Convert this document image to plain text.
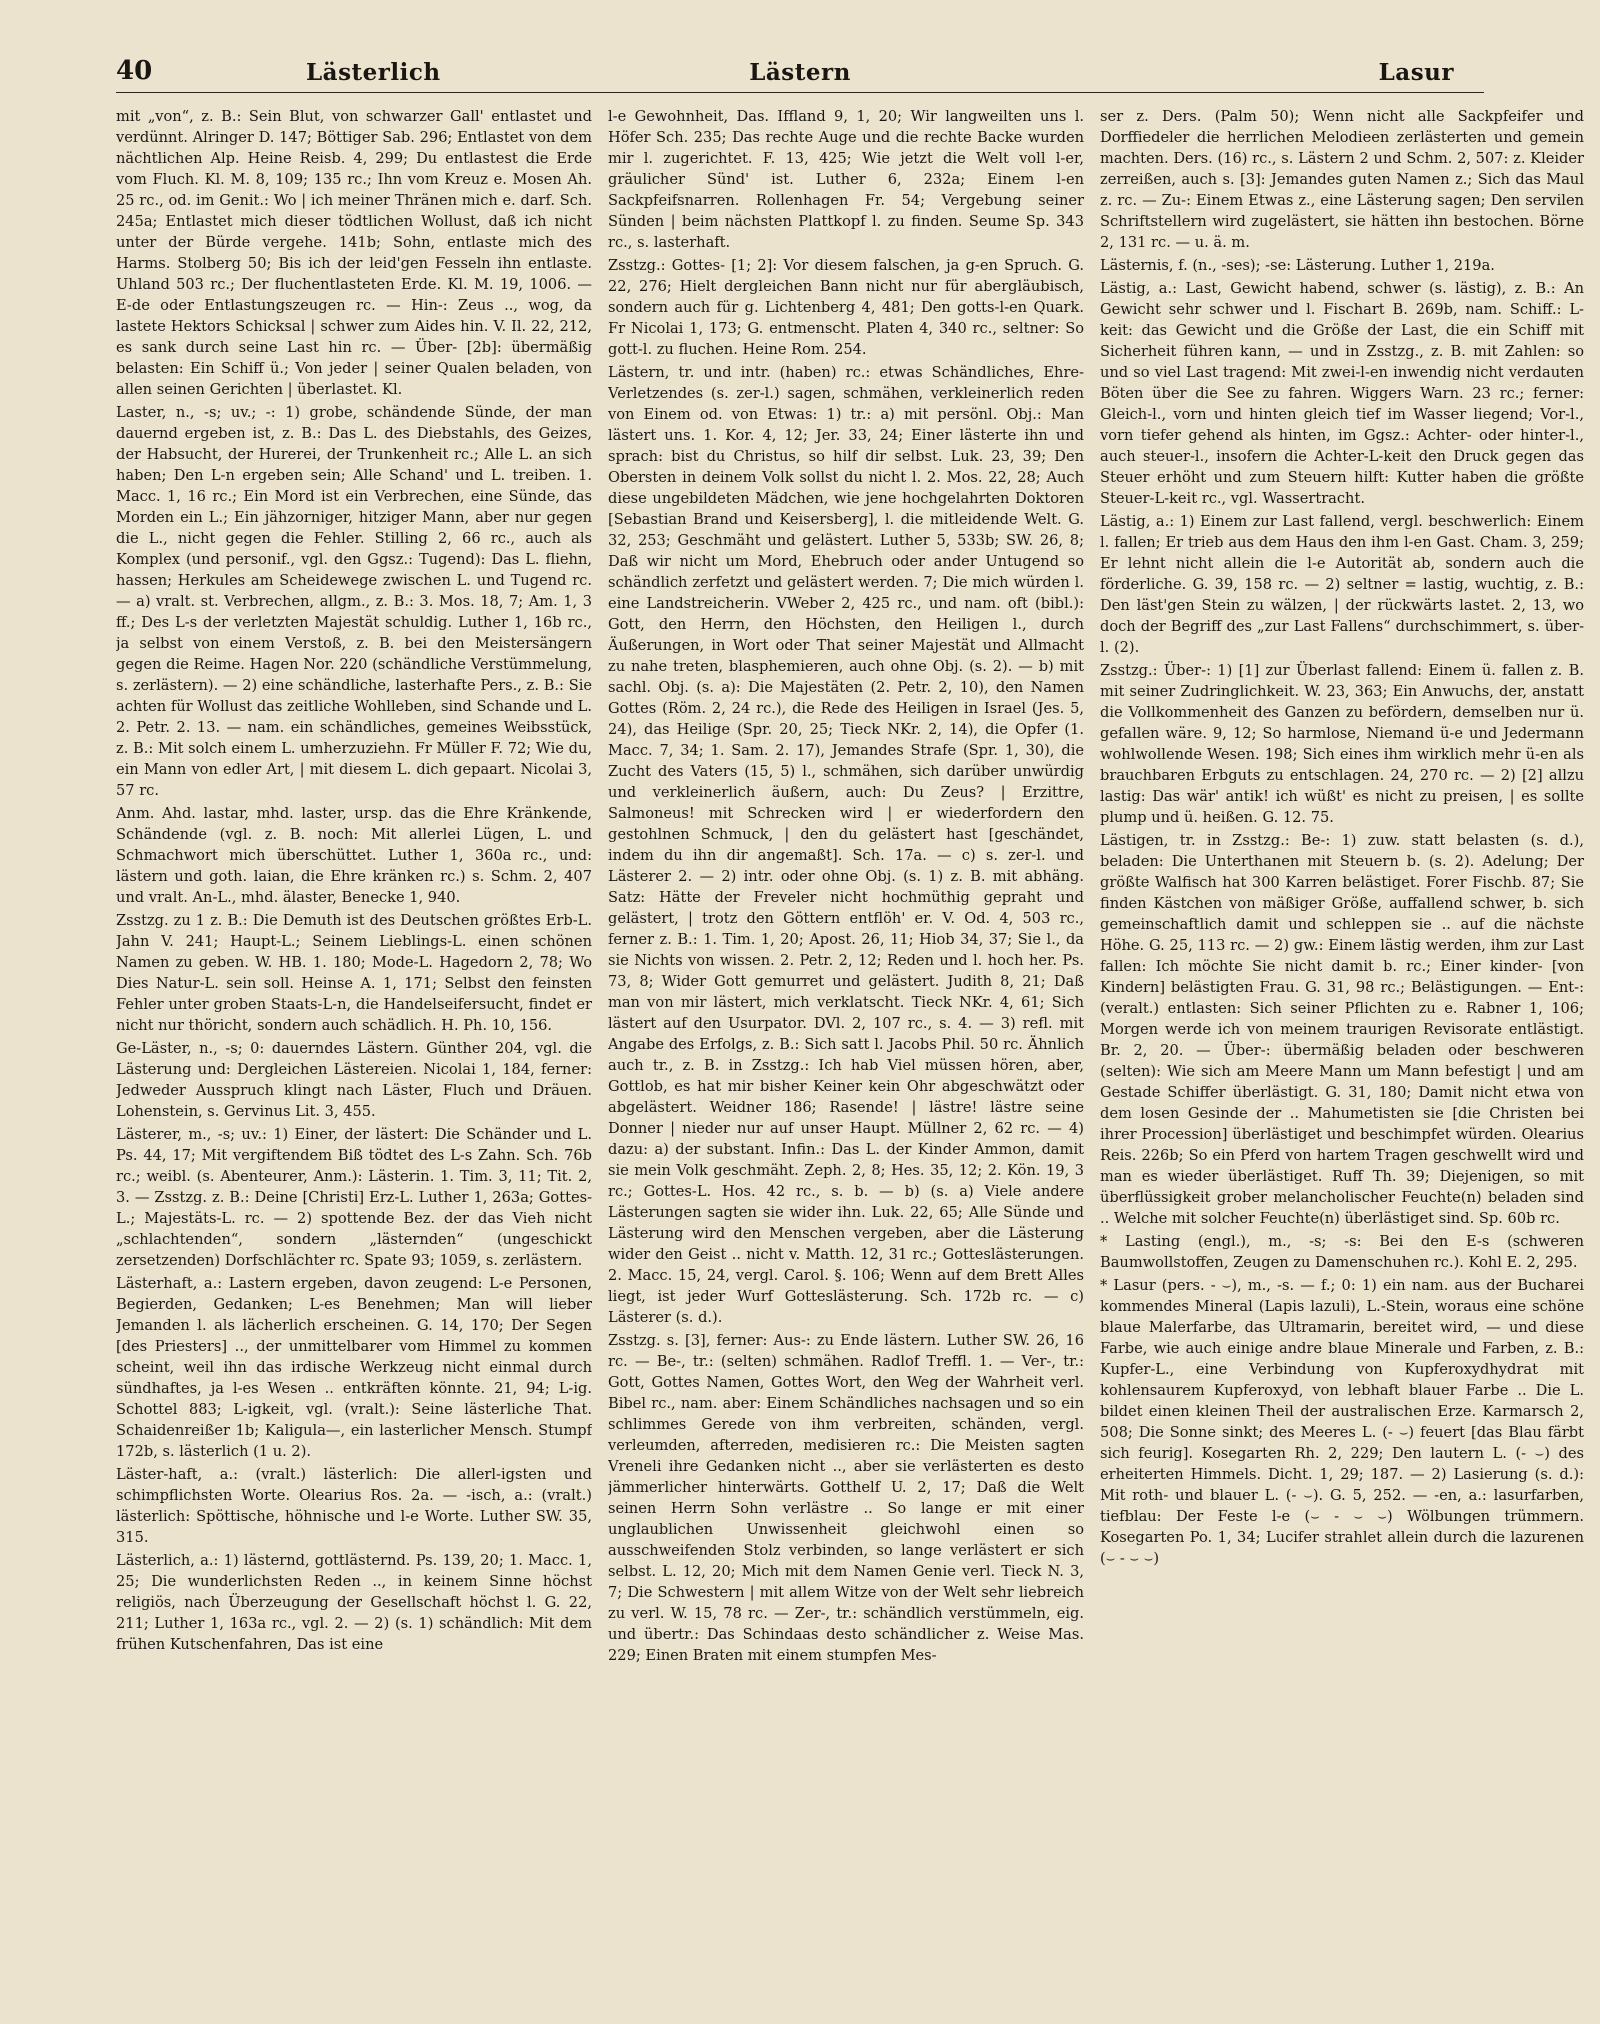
40	Lästerlich	Lästern	Lasur

mit „von“, z. B.: Sein Blut, von schwarzer Gall' entlastet und verdünnt. Alringer D. 147; Böttiger Sab. 296; Entlastet von dem nächtlichen Alp. Heine Reisb. 4, 299; Du entlastest die Erde vom Fluch. Kl. M. 8, 109; 135 rc.; Ihn vom Kreuz e. Mosen Ah. 25 rc., od. im Genit.: Wo | ich meiner Thränen mich e. darf. Sch. 245a; Entlastet mich dieser tödtlichen Wollust, daß ich nicht unter der Bürde vergehe. 141b; Sohn, entlaste mich des Harms. Stolberg 50; Bis ich der leid'gen Fesseln ihn entlaste. Uhland 503 rc.; Der fluchentlasteten Erde. Kl. M. 19, 1006. — E-de oder Entlastungszeugen rc. — Hin-: Zeus .., wog, da lastete Hektors Schicksal | schwer zum Aides hin. V. Il. 22, 212, es sank durch seine Last hin rc. — Über- [2b]: übermäßig belasten: Ein Schiff ü.; Von jeder | seiner Qualen beladen, von allen seinen Gerichten | überlastet. Kl.

Laster, n., -s; uv.; -: 1) grobe, schändende Sünde, der man dauernd ergeben ist, z. B.: Das L. des Diebstahls, des Geizes, der Habsucht, der Hurerei, der Trunkenheit rc.; Alle L. an sich haben; Den L-n ergeben sein; Alle Schand' und L. treiben. 1. Macc. 1, 16 rc.; Ein Mord ist ein Verbrechen, eine Sünde, das Morden ein L.; Ein jähzorniger, hitziger Mann, aber nur gegen die L., nicht gegen die Fehler. Stilling 2, 66 rc., auch als Komplex (und personif., vgl. den Ggsz.: Tugend): Das L. fliehn, hassen; Herkules am Scheidewege zwischen L. und Tugend rc. — a) vralt. st. Verbrechen, allgm., z. B.: 3. Mos. 18, 7; Am. 1, 3 ff.; Des L-s der verletzten Majestät schuldig. Luther 1, 16b rc., ja selbst von einem Verstoß, z. B. bei den Meistersängern gegen die Reime. Hagen Nor. 220 (schändliche Verstümmelung, s. zerlästern). — 2) eine schändliche, lasterhafte Pers., z. B.: Sie achten für Wollust das zeitliche Wohlleben, sind Schande und L. 2. Petr. 2. 13. — nam. ein schändliches, gemeines Weibsstück, z. B.: Mit solch einem L. umherzuziehn. Fr Müller F. 72; Wie du, ein Mann von edler Art, | mit diesem L. dich gepaart. Nicolai 3, 57 rc.

Anm. Ahd. lastar, mhd. laster, ursp. das die Ehre Kränkende, Schändende (vgl. z. B. noch: Mit allerlei Lügen, L. und Schmachwort mich überschüttet. Luther 1, 360a rc., und: lästern und goth. laian, die Ehre kränken rc.) s. Schm. 2, 407 und vralt. An-L., mhd. älaster, Benecke 1, 940.

Zsstzg. zu 1 z. B.: Die Demuth ist des Deutschen größtes Erb-L. Jahn V. 241; Haupt-L.; Seinem Lieblings-L. einen schönen Namen zu geben. W. HB. 1. 180; Mode-L. Hagedorn 2, 78; Wo Dies Natur-L. sein soll. Heinse A. 1, 171; Selbst den feinsten Fehler unter groben Staats-L-n, die Handelseifersucht, findet er nicht nur thöricht, sondern auch schädlich. H. Ph. 10, 156.

Ge-Läster, n., -s; 0: dauerndes Lästern. Günther 204, vgl. die Lästerung und: Dergleichen Lästereien. Nicolai 1, 184, ferner: Jedweder Ausspruch klingt nach Läster, Fluch und Dräuen. Lohenstein, s. Gervinus Lit. 3, 455.

Lästerer, m., -s; uv.: 1) Einer, der lästert: Die Schänder und L. Ps. 44, 17; Mit vergiftendem Biß tödtet des L-s Zahn. Sch. 76b rc.; weibl. (s. Abenteurer, Anm.): Lästerin. 1. Tim. 3, 11; Tit. 2, 3. — Zsstzg. z. B.: Deine [Christi] Erz-L. Luther 1, 263a; Gottes-L.; Majestäts-L. rc. — 2) spottende Bez. der das Vieh nicht „schlachtenden“, sondern „lästernden“ (ungeschickt zersetzenden) Dorfschlächter rc. Spate 93; 1059, s. zerlästern.

Lästerhaft, a.: Lastern ergeben, davon zeugend: L-e Personen, Begierden, Gedanken; L-es Benehmen; Man will lieber Jemanden l. als lächerlich erscheinen. G. 14, 170; Der Segen [des Priesters] .., der unmittelbarer vom Himmel zu kommen scheint, weil ihn das irdische Werkzeug nicht einmal durch sündhaftes, ja l-es Wesen .. entkräften könnte. 21, 94; L-ig. Schottel 883; L-igkeit, vgl. (vralt.): Seine lästerliche That. Schaidenreißer 1b; Kaligula—, ein lasterlicher Mensch. Stumpf 172b, s. lästerlich (1 u. 2).

Läster-haft, a.: (vralt.) lästerlich: Die allerl-igsten und schimpflichsten Worte. Olearius Ros. 2a. — -isch, a.: (vralt.) lästerlich: Spöttische, höhnische und l-e Worte. Luther SW. 35, 315.

Lästerlich, a.: 1) lästernd, gottlästernd. Ps. 139, 20; 1. Macc. 1, 25; Die wunderlichsten Reden .., in keinem Sinne höchst religiös, nach Überzeugung der Gesellschaft höchst l. G. 22, 211; Luther 1, 163a rc., vgl. 2. — 2) (s. 1) schändlich: Mit dem frühen Kutschenfahren, Das ist eine

l-e Gewohnheit, Das. Iffland 9, 1, 20; Wir langweilten uns l. Höfer Sch. 235; Das rechte Auge und die rechte Backe wurden mir l. zugerichtet. F. 13, 425; Wie jetzt die Welt voll l-er, gräulicher Sünd' ist. Luther 6, 232a; Einem l-en Sackpfeifsnarren. Rollenhagen Fr. 54; Vergebung seiner Sünden | beim nächsten Plattkopf l. zu finden. Seume Sp. 343 rc., s. lasterhaft.

Zsstzg.: Gottes- [1; 2]: Vor diesem falschen, ja g-en Spruch. G. 22, 276; Hielt dergleichen Bann nicht nur für abergläubisch, sondern auch für g. Lichtenberg 4, 481; Den gotts-l-en Quark. Fr Nicolai 1, 173; G. entmenscht. Platen 4, 340 rc., seltner: So gott-l. zu fluchen. Heine Rom. 254.

Lästern, tr. und intr. (haben) rc.: etwas Schändliches, Ehre-Verletzendes (s. zer-l.) sagen, schmähen, verkleinerlich reden von Einem od. von Etwas: 1) tr.: a) mit persönl. Obj.: Man lästert uns. 1. Kor. 4, 12; Jer. 33, 24; Einer lästerte ihn und sprach: bist du Christus, so hilf dir selbst. Luk. 23, 39; Den Obersten in deinem Volk sollst du nicht l. 2. Mos. 22, 28; Auch diese ungebildeten Mädchen, wie jene hochgelahrten Doktoren [Sebastian Brand und Keisersberg], l. die mitleidende Welt. G. 32, 253; Geschmäht und gelästert. Luther 5, 533b; SW. 26, 8; Daß wir nicht um Mord, Ehebruch oder ander Untugend so schändlich zerfetzt und gelästert werden. 7; Die mich würden l. eine Landstreicherin. VWeber 2, 425 rc., und nam. oft (bibl.): Gott, den Herrn, den Höchsten, den Heiligen l., durch Äußerungen, in Wort oder That seiner Majestät und Allmacht zu nahe treten, blasphemieren, auch ohne Obj. (s. 2). — b) mit sachl. Obj. (s. a): Die Majestäten (2. Petr. 2, 10), den Namen Gottes (Röm. 2, 24 rc.), die Rede des Heiligen in Israel (Jes. 5, 24), das Heilige (Spr. 20, 25; Tieck NKr. 2, 14), die Opfer (1. Macc. 7, 34; 1. Sam. 2. 17), Jemandes Strafe (Spr. 1, 30), die Zucht des Vaters (15, 5) l., schmähen, sich darüber unwürdig und verkleinerlich äußern, auch: Du Zeus? | Erzittre, Salmoneus! mit Schrecken wird | er wiederfordern den gestohlnen Schmuck, | den du gelästert hast [geschändet, indem du ihn dir angemaßt]. Sch. 17a. — c) s. zer-l. und Lästerer 2. — 2) intr. oder ohne Obj. (s. 1) z. B. mit abhäng. Satz: Hätte der Freveler nicht hochmüthig gepraht und gelästert, | trotz den Göttern entflöh' er. V. Od. 4, 503 rc., ferner z. B.: 1. Tim. 1, 20; Apost. 26, 11; Hiob 34, 37; Sie l., da sie Nichts von wissen. 2. Petr. 2, 12; Reden und l. hoch her. Ps. 73, 8; Wider Gott gemurret und gelästert. Judith 8, 21; Daß man von mir lästert, mich verklatscht. Tieck NKr. 4, 61; Sich lästert auf den Usurpator. DVl. 2, 107 rc., s. 4. — 3) refl. mit Angabe des Erfolgs, z. B.: Sich satt l. Jacobs Phil. 50 rc. Ähnlich auch tr., z. B. in Zsstzg.: Ich hab Viel müssen hören, aber, Gottlob, es hat mir bisher Keiner kein Ohr abgeschwätzt oder abgelästert. Weidner 186; Rasende! | lästre! lästre seine Donner | nieder nur auf unser Haupt. Müllner 2, 62 rc. — 4) dazu: a) der substant. Infin.: Das L. der Kinder Ammon, damit sie mein Volk geschmäht. Zeph. 2, 8; Hes. 35, 12; 2. Kön. 19, 3 rc.; Gottes-L. Hos. 42 rc., s. b. — b) (s. a) Viele andere Lästerungen sagten sie wider ihn. Luk. 22, 65; Alle Sünde und Lästerung wird den Menschen vergeben, aber die Lästerung wider den Geist .. nicht v. Matth. 12, 31 rc.; Gotteslästerungen. 2. Macc. 15, 24, vergl. Carol. §. 106; Wenn auf dem Brett Alles liegt, ist jeder Wurf Gotteslästerung. Sch. 172b rc. — c) Lästerer (s. d.).

Zsstzg. s. [3], ferner: Aus-: zu Ende lästern. Luther SW. 26, 16 rc. — Be-, tr.: (selten) schmähen. Radlof Treffl. 1. — Ver-, tr.: Gott, Gottes Namen, Gottes Wort, den Weg der Wahrheit verl. Bibel rc., nam. aber: Einem Schändliches nachsagen und so ein schlimmes Gerede von ihm verbreiten, schänden, vergl. verleumden, afterreden, medisieren rc.: Die Meisten sagten Vreneli ihre Gedanken nicht .., aber sie verlästerten es desto jämmerlicher hinterwärts. Gotthelf U. 2, 17; Daß die Welt seinen Herrn Sohn verlästre .. So lange er mit einer unglaublichen Unwissenheit gleichwohl einen so ausschweifenden Stolz verbinden, so lange verlästert er sich selbst. L. 12, 20; Mich mit dem Namen Genie verl. Tieck N. 3, 7; Die Schwestern | mit allem Witze von der Welt sehr liebreich zu verl. W. 15, 78 rc. — Zer-, tr.: schändlich verstümmeln, eig. und übertr.: Das Schindaas desto schändlicher z. Weise Mas. 229; Einen Braten mit einem stumpfen Mes-

ser z. Ders. (Palm 50); Wenn nicht alle Sackpfeifer und Dorffiedeler die herrlichen Melodieen zerlästerten und gemein machten. Ders. (16) rc., s. Lästern 2 und Schm. 2, 507: z. Kleider zerreißen, auch s. [3]: Jemandes guten Namen z.; Sich das Maul z. rc. — Zu-: Einem Etwas z., eine Lästerung sagen; Den servilen Schriftstellern wird zugelästert, sie hätten ihn bestochen. Börne 2, 131 rc. — u. ä. m.

Lästernis, f. (n., -ses); -se: Lästerung. Luther 1, 219a.

Lästig, a.: Last, Gewicht habend, schwer (s. lästig), z. B.: An Gewicht sehr schwer und l. Fischart B. 269b, nam. Schiff.: L-keit: das Gewicht und die Größe der Last, die ein Schiff mit Sicherheit führen kann, — und in Zsstzg., z. B. mit Zahlen: so und so viel Last tragend: Mit zwei-l-en inwendig nicht verdauten Böten über die See zu fahren. Wiggers Warn. 23 rc.; ferner: Gleich-l., vorn und hinten gleich tief im Wasser liegend; Vor-l., vorn tiefer gehend als hinten, im Ggsz.: Achter- oder hinter-l., auch steuer-l., insofern die Achter-L-keit den Druck gegen das Steuer erhöht und zum Steuern hilft: Kutter haben die größte Steuer-L-keit rc., vgl. Wassertracht.

Lästig, a.: 1) Einem zur Last fallend, vergl. beschwerlich: Einem l. fallen; Er trieb aus dem Haus den ihm l-en Gast. Cham. 3, 259; Er lehnt nicht allein die l-e Autorität ab, sondern auch die förderliche. G. 39, 158 rc. — 2) seltner = lastig, wuchtig, z. B.: Den läst'gen Stein zu wälzen, | der rückwärts lastet. 2, 13, wo doch der Begriff des „zur Last Fallens“ durchschimmert, s. über-l. (2).

Zsstzg.: Über-: 1) [1] zur Überlast fallend: Einem ü. fallen z. B. mit seiner Zudringlichkeit. W. 23, 363; Ein Anwuchs, der, anstatt die Vollkommenheit des Ganzen zu befördern, demselben nur ü. gefallen wäre. 9, 12; So harmlose, Niemand ü-e und Jedermann wohlwollende Wesen. 198; Sich eines ihm wirklich mehr ü-en als brauchbaren Erbguts zu entschlagen. 24, 270 rc. — 2) [2] allzu lastig: Das wär' antik! ich wüßt' es nicht zu preisen, | es sollte plump und ü. heißen. G. 12. 75.

Lästigen, tr. in Zsstzg.: Be-: 1) zuw. statt belasten (s. d.), beladen: Die Unterthanen mit Steuern b. (s. 2). Adelung; Der größte Walfisch hat 300 Karren belästiget. Forer Fischb. 87; Sie finden Kästchen von mäßiger Größe, auffallend schwer, b. sich gemeinschaftlich damit und schleppen sie .. auf die nächste Höhe. G. 25, 113 rc. — 2) gw.: Einem lästig werden, ihm zur Last fallen: Ich möchte Sie nicht damit b. rc.; Einer kinder- [von Kindern] belästigten Frau. G. 31, 98 rc.; Belästigungen. — Ent-: (veralt.) entlasten: Sich seiner Pflichten zu e. Rabner 1, 106; Morgen werde ich von meinem traurigen Revisorate entlästigt. Br. 2, 20. — Über-: übermäßig beladen oder beschweren (selten): Wie sich am Meere Mann um Mann befestigt | und am Gestade Schiffer überlästigt. G. 31, 180; Damit nicht etwa von dem losen Gesinde der .. Mahumetisten sie [die Christen bei ihrer Procession] überlästiget und beschimpfet würden. Olearius Reis. 226b; So ein Pferd von hartem Tragen geschwellt wird und man es wieder überlästiget. Ruff Th. 39; Diejenigen, so mit überflüssigkeit grober melancholischer Feuchte(n) beladen sind .. Welche mit solcher Feuchte(n) überlästiget sind. Sp. 60b rc.

* Lasting (engl.), m., -s; -s: Bei den E-s (schweren Baumwollstoffen, Zeugen zu Damenschuhen rc.). Kohl E. 2, 295.

* Lasur (pers. - ⌣), m., -s. — f.; 0: 1) ein nam. aus der Bucharei kommendes Mineral (Lapis lazuli), L.-Stein, woraus eine schöne blaue Malerfarbe, das Ultramarin, bereitet wird, — und diese Farbe, wie auch einige andre blaue Minerale und Farben, z. B.: Kupfer-L., eine Verbindung von Kupferoxydhydrat mit kohlensaurem Kupferoxyd, von lebhaft blauer Farbe .. Die L. bildet einen kleinen Theil der australischen Erze. Karmarsch 2, 508; Die Sonne sinkt; des Meeres L. (- ⌣) feuert [das Blau färbt sich feurig]. Kosegarten Rh. 2, 229; Den lautern L. (- ⌣) des erheiterten Himmels. Dicht. 1, 29; 187. — 2) Lasierung (s. d.): Mit roth- und blauer L. (- ⌣). G. 5, 252. — -en, a.: lasurfarben, tiefblau: Der Feste l-e (⌣ - ⌣ ⌣) Wölbungen trümmern. Kosegarten Po. 1, 34; Lucifer strahlet allein durch die lazurenen (⌣ - ⌣ ⌣)
